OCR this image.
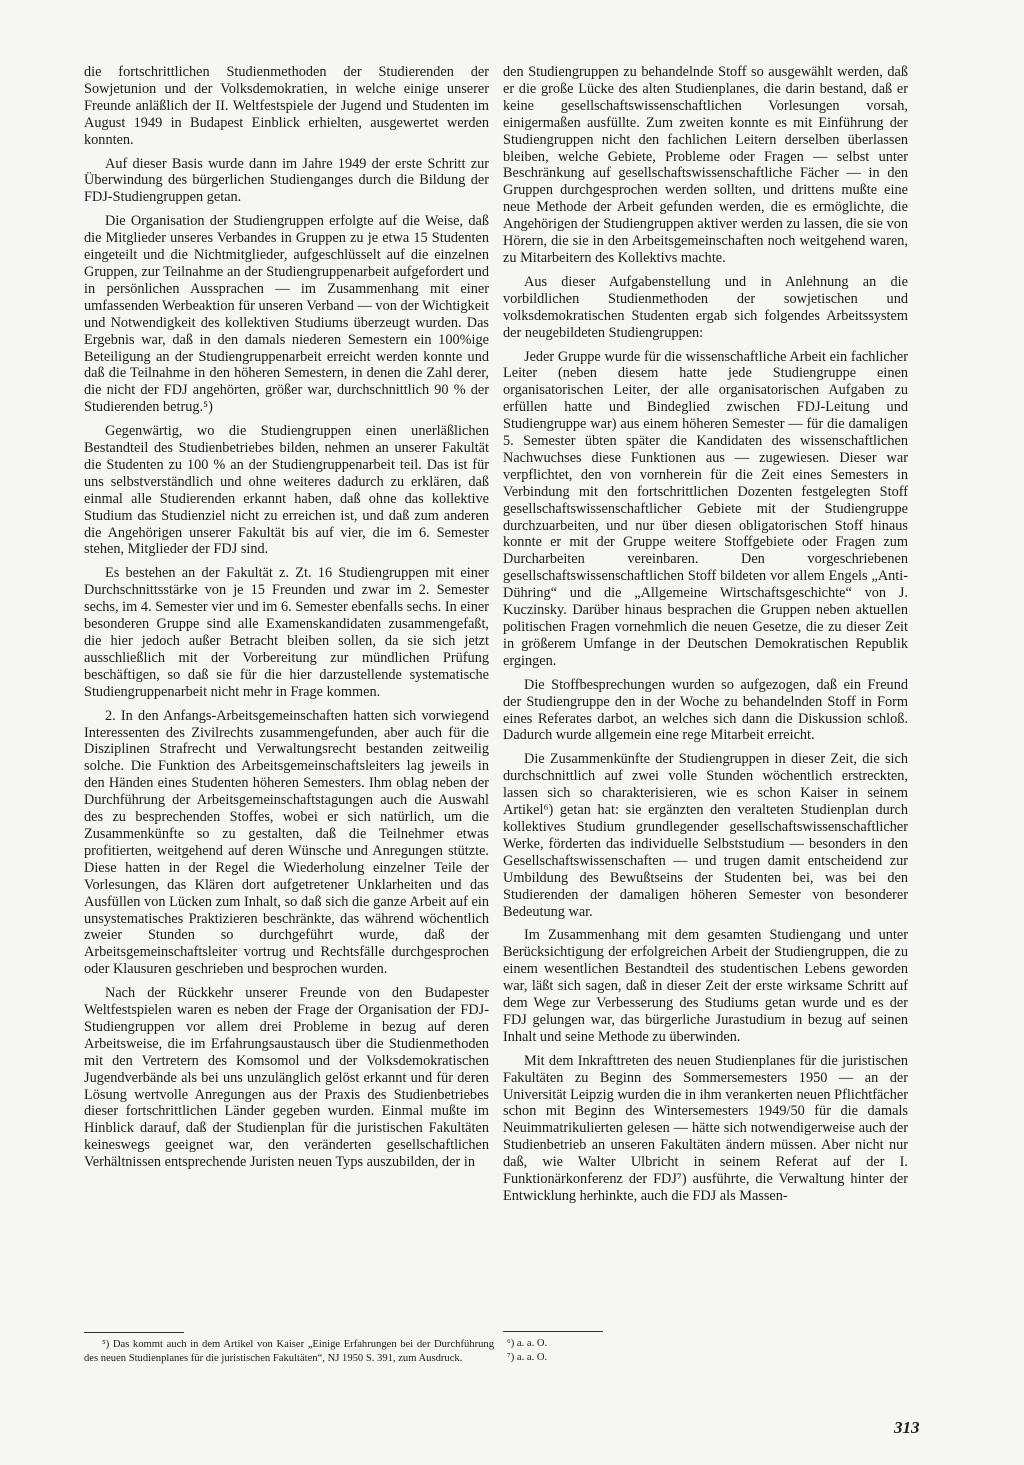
die fortschrittlichen Studienmethoden der Studierenden der Sowjetunion und der Volksdemokratien, in welche einige unserer Freunde anläßlich der II. Weltfestspiele der Jugend und Studenten im August 1949 in Budapest Einblick erhielten, ausgewertet werden konnten.

Auf dieser Basis wurde dann im Jahre 1949 der erste Schritt zur Überwindung des bürgerlichen Studienganges durch die Bildung der FDJ-Studiengruppen getan.

Die Organisation der Studiengruppen erfolgte auf die Weise, daß die Mitglieder unseres Verbandes in Gruppen zu je etwa 15 Studenten eingeteilt und die Nichtmitglieder, aufgeschlüsselt auf die einzelnen Gruppen, zur Teilnahme an der Studiengruppenarbeit aufgefordert und in persönlichen Aussprachen — im Zusammenhang mit einer umfassenden Werbeaktion für unseren Verband — von der Wichtigkeit und Notwendigkeit des kollektiven Studiums überzeugt wurden. Das Ergebnis war, daß in den damals niederen Semestern ein 100%ige Beteiligung an der Studiengruppenarbeit erreicht werden konnte und daß die Teilnahme in den höheren Semestern, in denen die Zahl derer, die nicht der FDJ angehörten, größer war, durchschnittlich 90 % der Studierenden betrug.⁵)

Gegenwärtig, wo die Studiengruppen einen unerläßlichen Bestandteil des Studienbetriebes bilden, nehmen an unserer Fakultät die Studenten zu 100 % an der Studiengruppenarbeit teil. Das ist für uns selbstverständlich und ohne weiteres dadurch zu erklären, daß einmal alle Studierenden erkannt haben, daß ohne das kollektive Studium das Studienziel nicht zu erreichen ist, und daß zum anderen die Angehörigen unserer Fakultät bis auf vier, die im 6. Semester stehen, Mitglieder der FDJ sind.

Es bestehen an der Fakultät z. Zt. 16 Studiengruppen mit einer Durchschnittsstärke von je 15 Freunden und zwar im 2. Semester sechs, im 4. Semester vier und im 6. Semester ebenfalls sechs. In einer besonderen Gruppe sind alle Examenskandidaten zusammengefaßt, die hier jedoch außer Betracht bleiben sollen, da sie sich jetzt ausschließlich mit der Vorbereitung zur mündlichen Prüfung beschäftigen, so daß sie für die hier darzustellende systematische Studiengruppenarbeit nicht mehr in Frage kommen.

2. In den Anfangs-Arbeitsgemeinschaften hatten sich vorwiegend Interessenten des Zivilrechts zusammengefunden, aber auch für die Disziplinen Strafrecht und Verwaltungsrecht bestanden zeitweilig solche. Die Funktion des Arbeitsgemeinschaftsleiters lag jeweils in den Händen eines Studenten höheren Semesters. Ihm oblag neben der Durchführung der Arbeitsgemeinschaftstagungen auch die Auswahl des zu besprechenden Stoffes, wobei er sich natürlich, um die Zusammenkünfte so zu gestalten, daß die Teilnehmer etwas profitierten, weitgehend auf deren Wünsche und Anregungen stützte. Diese hatten in der Regel die Wiederholung einzelner Teile der Vorlesungen, das Klären dort aufgetretener Unklarheiten und das Ausfüllen von Lücken zum Inhalt, so daß sich die ganze Arbeit auf ein unsystematisches Praktizieren beschränkte, das während wöchentlich zweier Stunden so durchgeführt wurde, daß der Arbeitsgemeinschaftsleiter vortrug und Rechtsfälle durchgesprochen oder Klausuren geschrieben und besprochen wurden.

Nach der Rückkehr unserer Freunde von den Budapester Weltfestspielen waren es neben der Frage der Organisation der FDJ-Studiengruppen vor allem drei Probleme in bezug auf deren Arbeitsweise, die im Erfahrungsaustausch über die Studienmethoden mit den Vertretern des Komsomol und der Volksdemokratischen Jugendverbände als bei uns unzulänglich gelöst erkannt und für deren Lösung wertvolle Anregungen aus der Praxis des Studienbetriebes dieser fortschrittlichen Länder gegeben wurden. Einmal mußte im Hinblick darauf, daß der Studienplan für die juristischen Fakultäten keineswegs geeignet war, den veränderten gesellschaftlichen Verhältnissen entsprechende Juristen neuen Typs auszubilden, der in

den Studiengruppen zu behandelnde Stoff so ausgewählt werden, daß er die große Lücke des alten Studienplanes, die darin bestand, daß er keine gesellschaftswissenschaftlichen Vorlesungen vorsah, einigermaßen ausfüllte. Zum zweiten konnte es mit Einführung der Studiengruppen nicht den fachlichen Leitern derselben überlassen bleiben, welche Gebiete, Probleme oder Fragen — selbst unter Beschränkung auf gesellschaftswissenschaftliche Fächer — in den Gruppen durchgesprochen werden sollten, und drittens mußte eine neue Methode der Arbeit gefunden werden, die es ermöglichte, die Angehörigen der Studiengruppen aktiver werden zu lassen, die sie von Hörern, die sie in den Arbeitsgemeinschaften noch weitgehend waren, zu Mitarbeitern des Kollektivs machte.

Aus dieser Aufgabenstellung und in Anlehnung an die vorbildlichen Studienmethoden der sowjetischen und volksdemokratischen Studenten ergab sich folgendes Arbeitssystem der neugebildeten Studiengruppen:

Jeder Gruppe wurde für die wissenschaftliche Arbeit ein fachlicher Leiter (neben diesem hatte jede Studiengruppe einen organisatorischen Leiter, der alle organisatorischen Aufgaben zu erfüllen hatte und Bindeglied zwischen FDJ-Leitung und Studiengruppe war) aus einem höheren Semester — für die damaligen 5. Semester übten später die Kandidaten des wissenschaftlichen Nachwuchses diese Funktionen aus — zugewiesen. Dieser war verpflichtet, den von vornherein für die Zeit eines Semesters in Verbindung mit den fortschrittlichen Dozenten festgelegten Stoff gesellschaftswissenschaftlicher Gebiete mit der Studiengruppe durchzuarbeiten, und nur über diesen obligatorischen Stoff hinaus konnte er mit der Gruppe weitere Stoffgebiete oder Fragen zum Durcharbeiten vereinbaren. Den vorgeschriebenen gesellschaftswissenschaftlichen Stoff bildeten vor allem Engels „Anti-Dühring“ und die „Allgemeine Wirtschaftsgeschichte“ von J. Kuczinsky. Darüber hinaus besprachen die Gruppen neben aktuellen politischen Fragen vornehmlich die neuen Gesetze, die zu dieser Zeit in größerem Umfange in der Deutschen Demokratischen Republik ergingen.

Die Stoffbesprechungen wurden so aufgezogen, daß ein Freund der Studiengruppe den in der Woche zu behandelnden Stoff in Form eines Referates darbot, an welches sich dann die Diskussion schloß. Dadurch wurde allgemein eine rege Mitarbeit erreicht.

Die Zusammenkünfte der Studiengruppen in dieser Zeit, die sich durchschnittlich auf zwei volle Stunden wöchentlich erstreckten, lassen sich so charakterisieren, wie es schon Kaiser in seinem Artikel⁶) getan hat: sie ergänzten den veralteten Studienplan durch kollektives Studium grundlegender gesellschaftswissenschaftlicher Werke, förderten das individuelle Selbststudium — besonders in den Gesellschaftswissenschaften — und trugen damit entscheidend zur Umbildung des Bewußtseins der Studenten bei, was bei den Studierenden der damaligen höheren Semester von besonderer Bedeutung war.

Im Zusammenhang mit dem gesamten Studiengang und unter Berücksichtigung der erfolgreichen Arbeit der Studiengruppen, die zu einem wesentlichen Bestandteil des studentischen Lebens geworden war, läßt sich sagen, daß in dieser Zeit der erste wirksame Schritt auf dem Wege zur Verbesserung des Studiums getan wurde und es der FDJ gelungen war, das bürgerliche Jurastudium in bezug auf seinen Inhalt und seine Methode zu überwinden.

Mit dem Inkrafttreten des neuen Studienplanes für die juristischen Fakultäten zu Beginn des Sommersemesters 1950 — an der Universität Leipzig wurden die in ihm verankerten neuen Pflichtfächer schon mit Beginn des Wintersemesters 1949/50 für die damals Neuimmatrikulierten gelesen — hätte sich notwendigerweise auch der Studienbetrieb an unseren Fakultäten ändern müssen. Aber nicht nur daß, wie Walter Ulbricht in seinem Referat auf der I. Funktionärkonferenz der FDJ⁷) ausführte, die Verwaltung hinter der Entwicklung herhinkte, auch die FDJ als Massen-

⁵) Das kommt auch in dem Artikel von Kaiser „Einige Erfahrungen bei der Durchführung des neuen Studienplanes für die juristischen Fakultäten“, NJ 1950 S. 391, zum Ausdruck.

⁶) a. a. O.

⁷) a. a. O.

313
